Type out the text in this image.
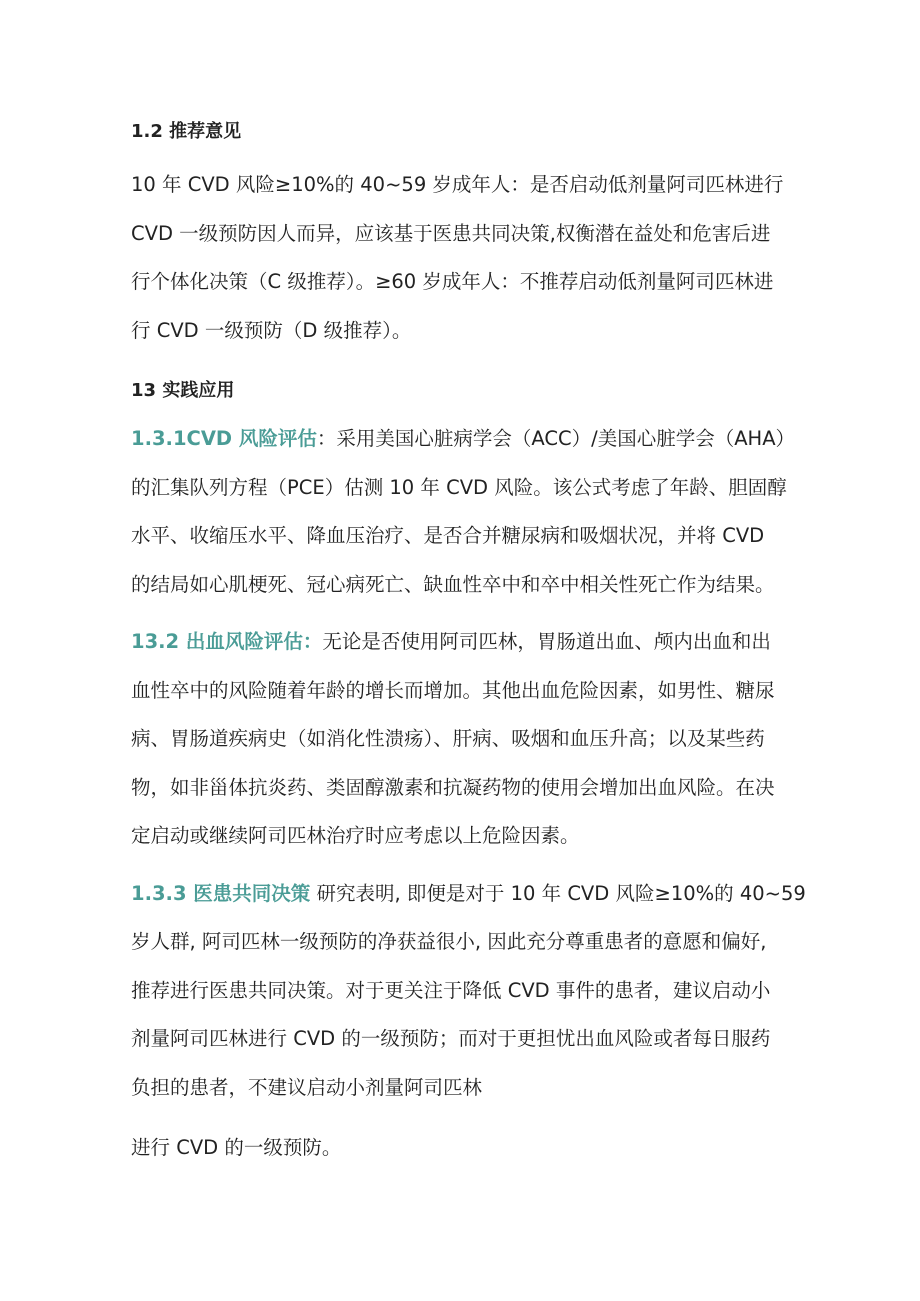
1.2 推荐意见

10 年 CVD 风险≥10%的 40~59 岁成年人：是否启动低剂量阿司匹林进行
CVD 一级预防因人而异，应该基于医患共同决策,权衡潜在益处和危害后进
行个体化决策（C 级推荐）。≥60 岁成年人：不推荐启动低剂量阿司匹林进
行 CVD 一级预防（D 级推荐）。

13 实践应用

1.3.1CVD 风险评估：采用美国心脏病学会（ACC）/美国心脏学会（AHA）
的汇集队列方程（PCE）估测 10 年 CVD 风险。该公式考虑了年龄、胆固醇
水平、收缩压水平、降血压治疗、是否合并糖尿病和吸烟状况，并将 CVD
的结局如心肌梗死、冠心病死亡、缺血性卒中和卒中相关性死亡作为结果。

13.2 出血风险评估：无论是否使用阿司匹林，胃肠道出血、颅内出血和出
血性卒中的风险随着年龄的增长而增加。其他出血危险因素，如男性、糖尿
病、胃肠道疾病史（如消化性溃疡）、肝病、吸烟和血压升高；以及某些药
物，如非甾体抗炎药、类固醇激素和抗凝药物的使用会增加出血风险。在决
定启动或继续阿司匹林治疗时应考虑以上危险因素。

1.3.3 医患共同决策 研究表明, 即便是对于 10 年 CVD 风险≥10%的 40~59
岁人群, 阿司匹林一级预防的净获益很小, 因此充分尊重患者的意愿和偏好,
推荐进行医患共同决策。对于更关注于降低 CVD 事件的患者，建议启动小
剂量阿司匹林进行 CVD 的一级预防；而对于更担忧出血风险或者每日服药
负担的患者，不建议启动小剂量阿司匹林

进行 CVD 的一级预防。
